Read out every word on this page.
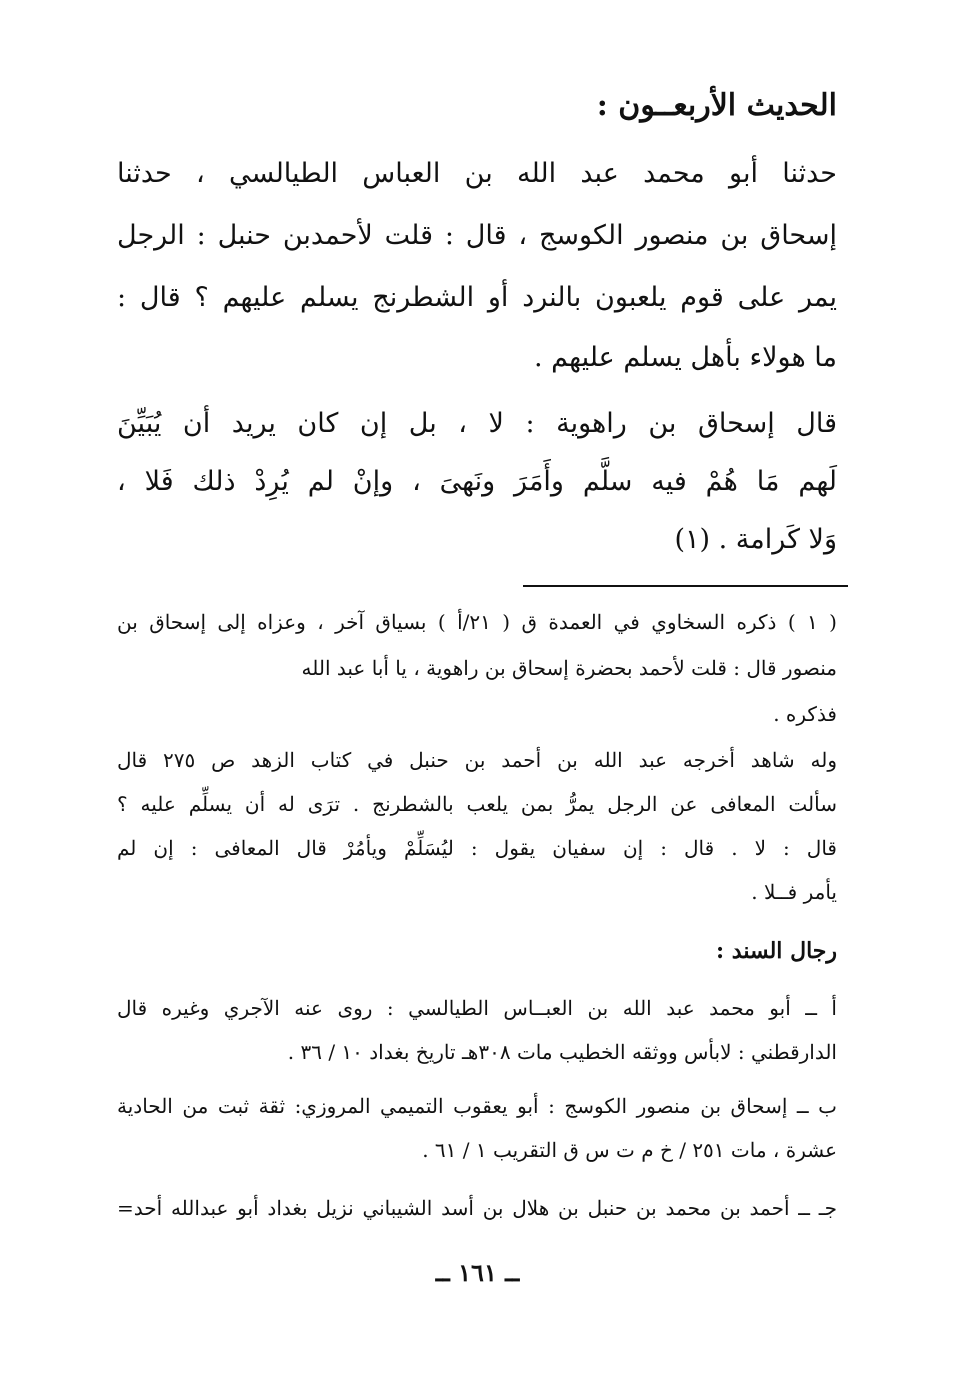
الحديث الأربعــون :
حدثنا أبو محمد عبد الله بن العباس الطيالسي ، حدثنا
إسحاق بن منصور الكوسج ، قال : قلت لأحمدبن حنبل : الرجل
يمر على قوم يلعبون بالنرد أو الشطرنج يسلم عليهم ؟ قال :
ما هولاء بأهل يسلم عليهم .
قال إسحاق بن راهوية : لا ، بل إن كان يريد أن يُبَيِّنَ
لَهم مَا هُمْ فيه سلَّم وأَمَرَ ونَهىَ ، وإنْ لم يُرِدْ ذلك فَلا ،
وَلا كَرامة . (١)
( ١ ) ذكره السخاوي في العمدة ق ( ٢١/أ ) بسياق آخر ، وعزاه إلى إسحاق بن
منصور قال : قلت لأحمد بحضرة إسحاق بن راهوية ، يا أبا عبد الله
فذكره .
وله شاهد أخرجه عبد الله بن أحمد بن حنبل في كتاب الزهد ص ٢٧٥ قال
سألت المعافى عن الرجل يمرُّ بمن يلعب بالشطرنج . ترَى له أن يسلِّم عليه ؟
قال : لا . قال : إن سفيان يقول : ليُسَلِّمْ ويأمُرْ قال المعافى : إن لم
يأمر فــلا .
رجال السند :
أ ــ أبو محمد عبد الله بن العبــاس الطيالسي : روى عنه الآجري وغيره قال
الدارقطني : لابأس ووثقه الخطيب مات ٣٠٨هـ تاريخ بغداد ١٠ / ٣٦ .
ب ــ إسحاق بن منصور الكوسج : أبو يعقوب التميمي المروزي: ثقة ثبت من الحادية
عشرة ، مات ٢٥١ / خ م ت س ق التقريب ١ / ٦١ .
جـ ــ أحمد بن محمد بن حنبل بن هلال بن أسد الشيباني نزيل بغداد أبو عبدالله أحد=
ــ ١٦١ ــ
